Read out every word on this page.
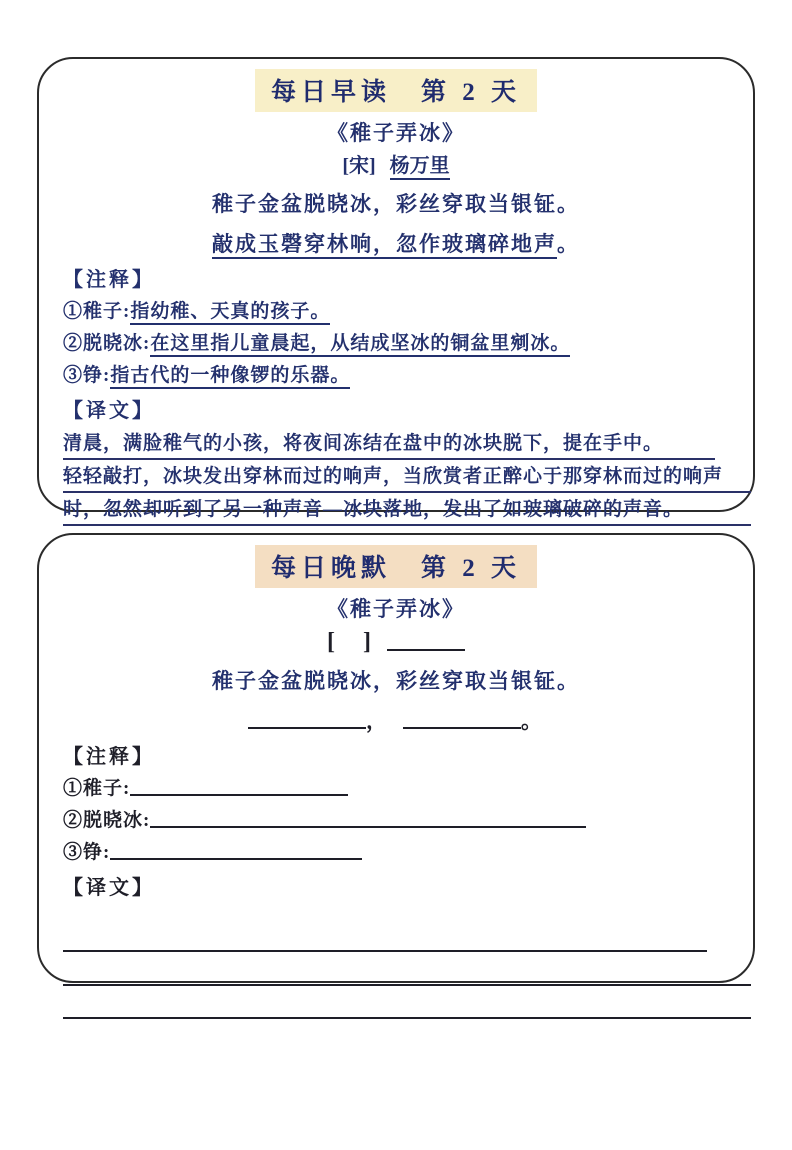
每日早读　第 2 天
《稚子弄冰》
[宋] 杨万里
稚子金盆脱晓冰，彩丝穿取当银钲。
敲成玉磬穿林响，忽作玻璃碎地声。
【注释】
①稚子:指幼稚、天真的孩子。
②脱晓冰:在这里指儿童晨起，从结成坚冰的铜盆里剜冰。
③铮:指古代的一种像锣的乐器。
【译文】
清晨，满脸稚气的小孩，将夜间冻结在盘中的冰块脱下，提在手中。
轻轻敲打，冰块发出穿林而过的响声，当欣赏者正醉心于那穿林而过的响声
时，忽然却听到了另一种声音—冰块落地，发出了如玻璃破碎的声音。
每日晚默　第 2 天
《稚子弄冰》
[　]
稚子金盆脱晓冰，彩丝穿取当银钲。
，	。
【注释】
①稚子:
②脱晓冰:
③铮:
【译文】
